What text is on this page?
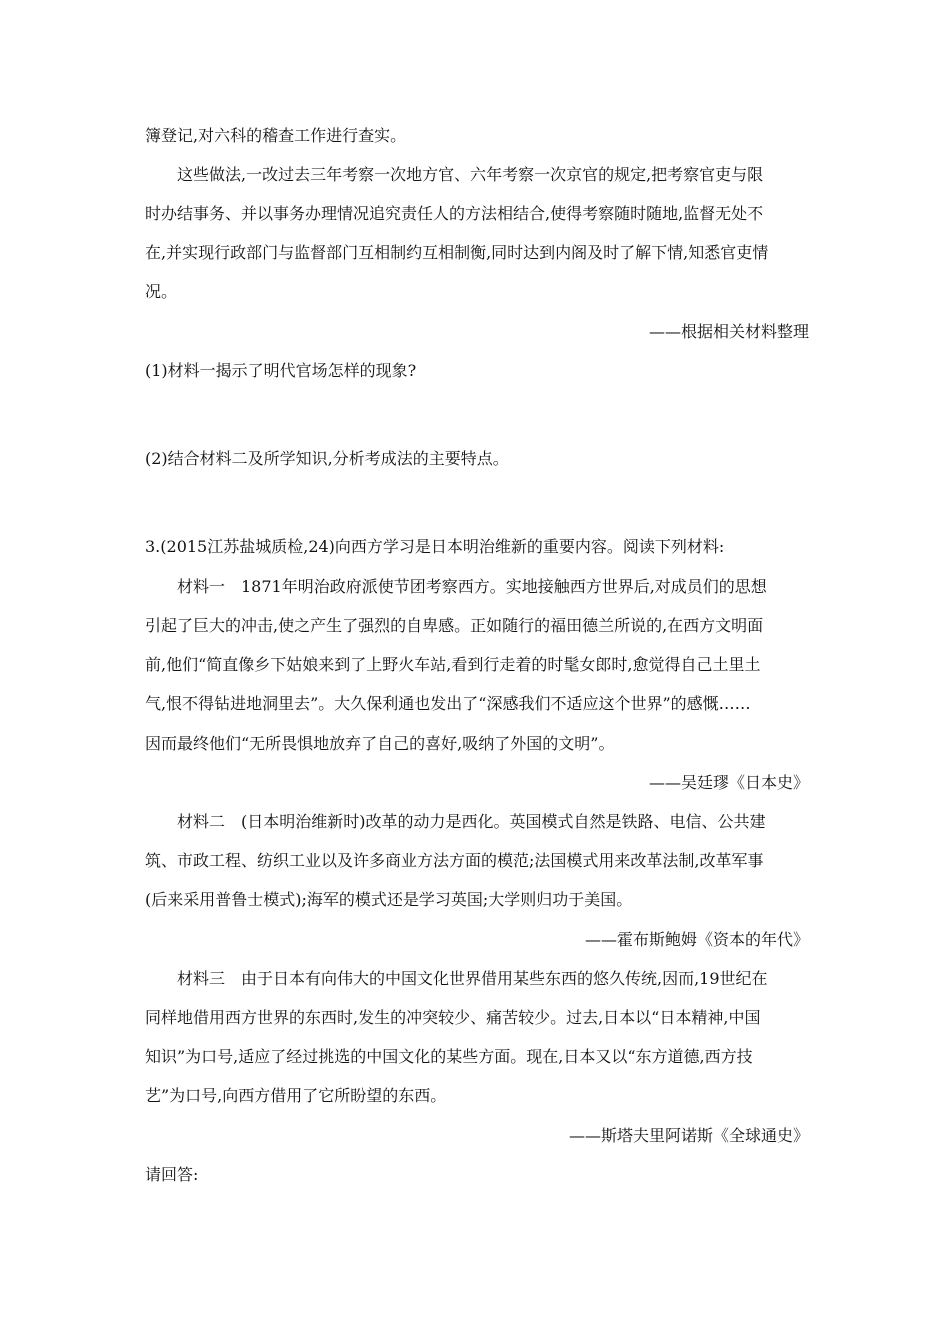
簿登记,对六科的稽查工作进行查实。
这些做法,一改过去三年考察一次地方官、六年考察一次京官的规定,把考察官吏与限
时办结事务、并以事务办理情况追究责任人的方法相结合,使得考察随时随地,监督无处不
在,并实现行政部门与监督部门互相制约互相制衡,同时达到内阁及时了解下情,知悉官吏情
况。
——根据相关材料整理
(1)材料一揭示了明代官场怎样的现象?
(2)结合材料二及所学知识,分析考成法的主要特点。
3.(2015江苏盐城质检,24)向西方学习是日本明治维新的重要内容。阅读下列材料:
材料一　1871年明治政府派使节团考察西方。实地接触西方世界后,对成员们的思想
引起了巨大的冲击,使之产生了强烈的自卑感。正如随行的福田德兰所说的,在西方文明面
前,他们“简直像乡下姑娘来到了上野火车站,看到行走着的时髦女郎时,愈觉得自己土里土
气,恨不得钻进地洞里去”。大久保利通也发出了“深感我们不适应这个世界”的感慨……
因而最终他们“无所畏惧地放弃了自己的喜好,吸纳了外国的文明”。
——吴廷璆《日本史》
材料二　(日本明治维新时)改革的动力是西化。英国模式自然是铁路、电信、公共建
筑、市政工程、纺织工业以及许多商业方法方面的模范;法国模式用来改革法制,改革军事
(后来采用普鲁士模式);海军的模式还是学习英国;大学则归功于美国。
——霍布斯鲍姆《资本的年代》
材料三　由于日本有向伟大的中国文化世界借用某些东西的悠久传统,因而,19世纪在
同样地借用西方世界的东西时,发生的冲突较少、痛苦较少。过去,日本以“日本精神,中国
知识”为口号,适应了经过挑选的中国文化的某些方面。现在,日本又以“东方道德,西方技
艺”为口号,向西方借用了它所盼望的东西。
——斯塔夫里阿诺斯《全球通史》
请回答:
